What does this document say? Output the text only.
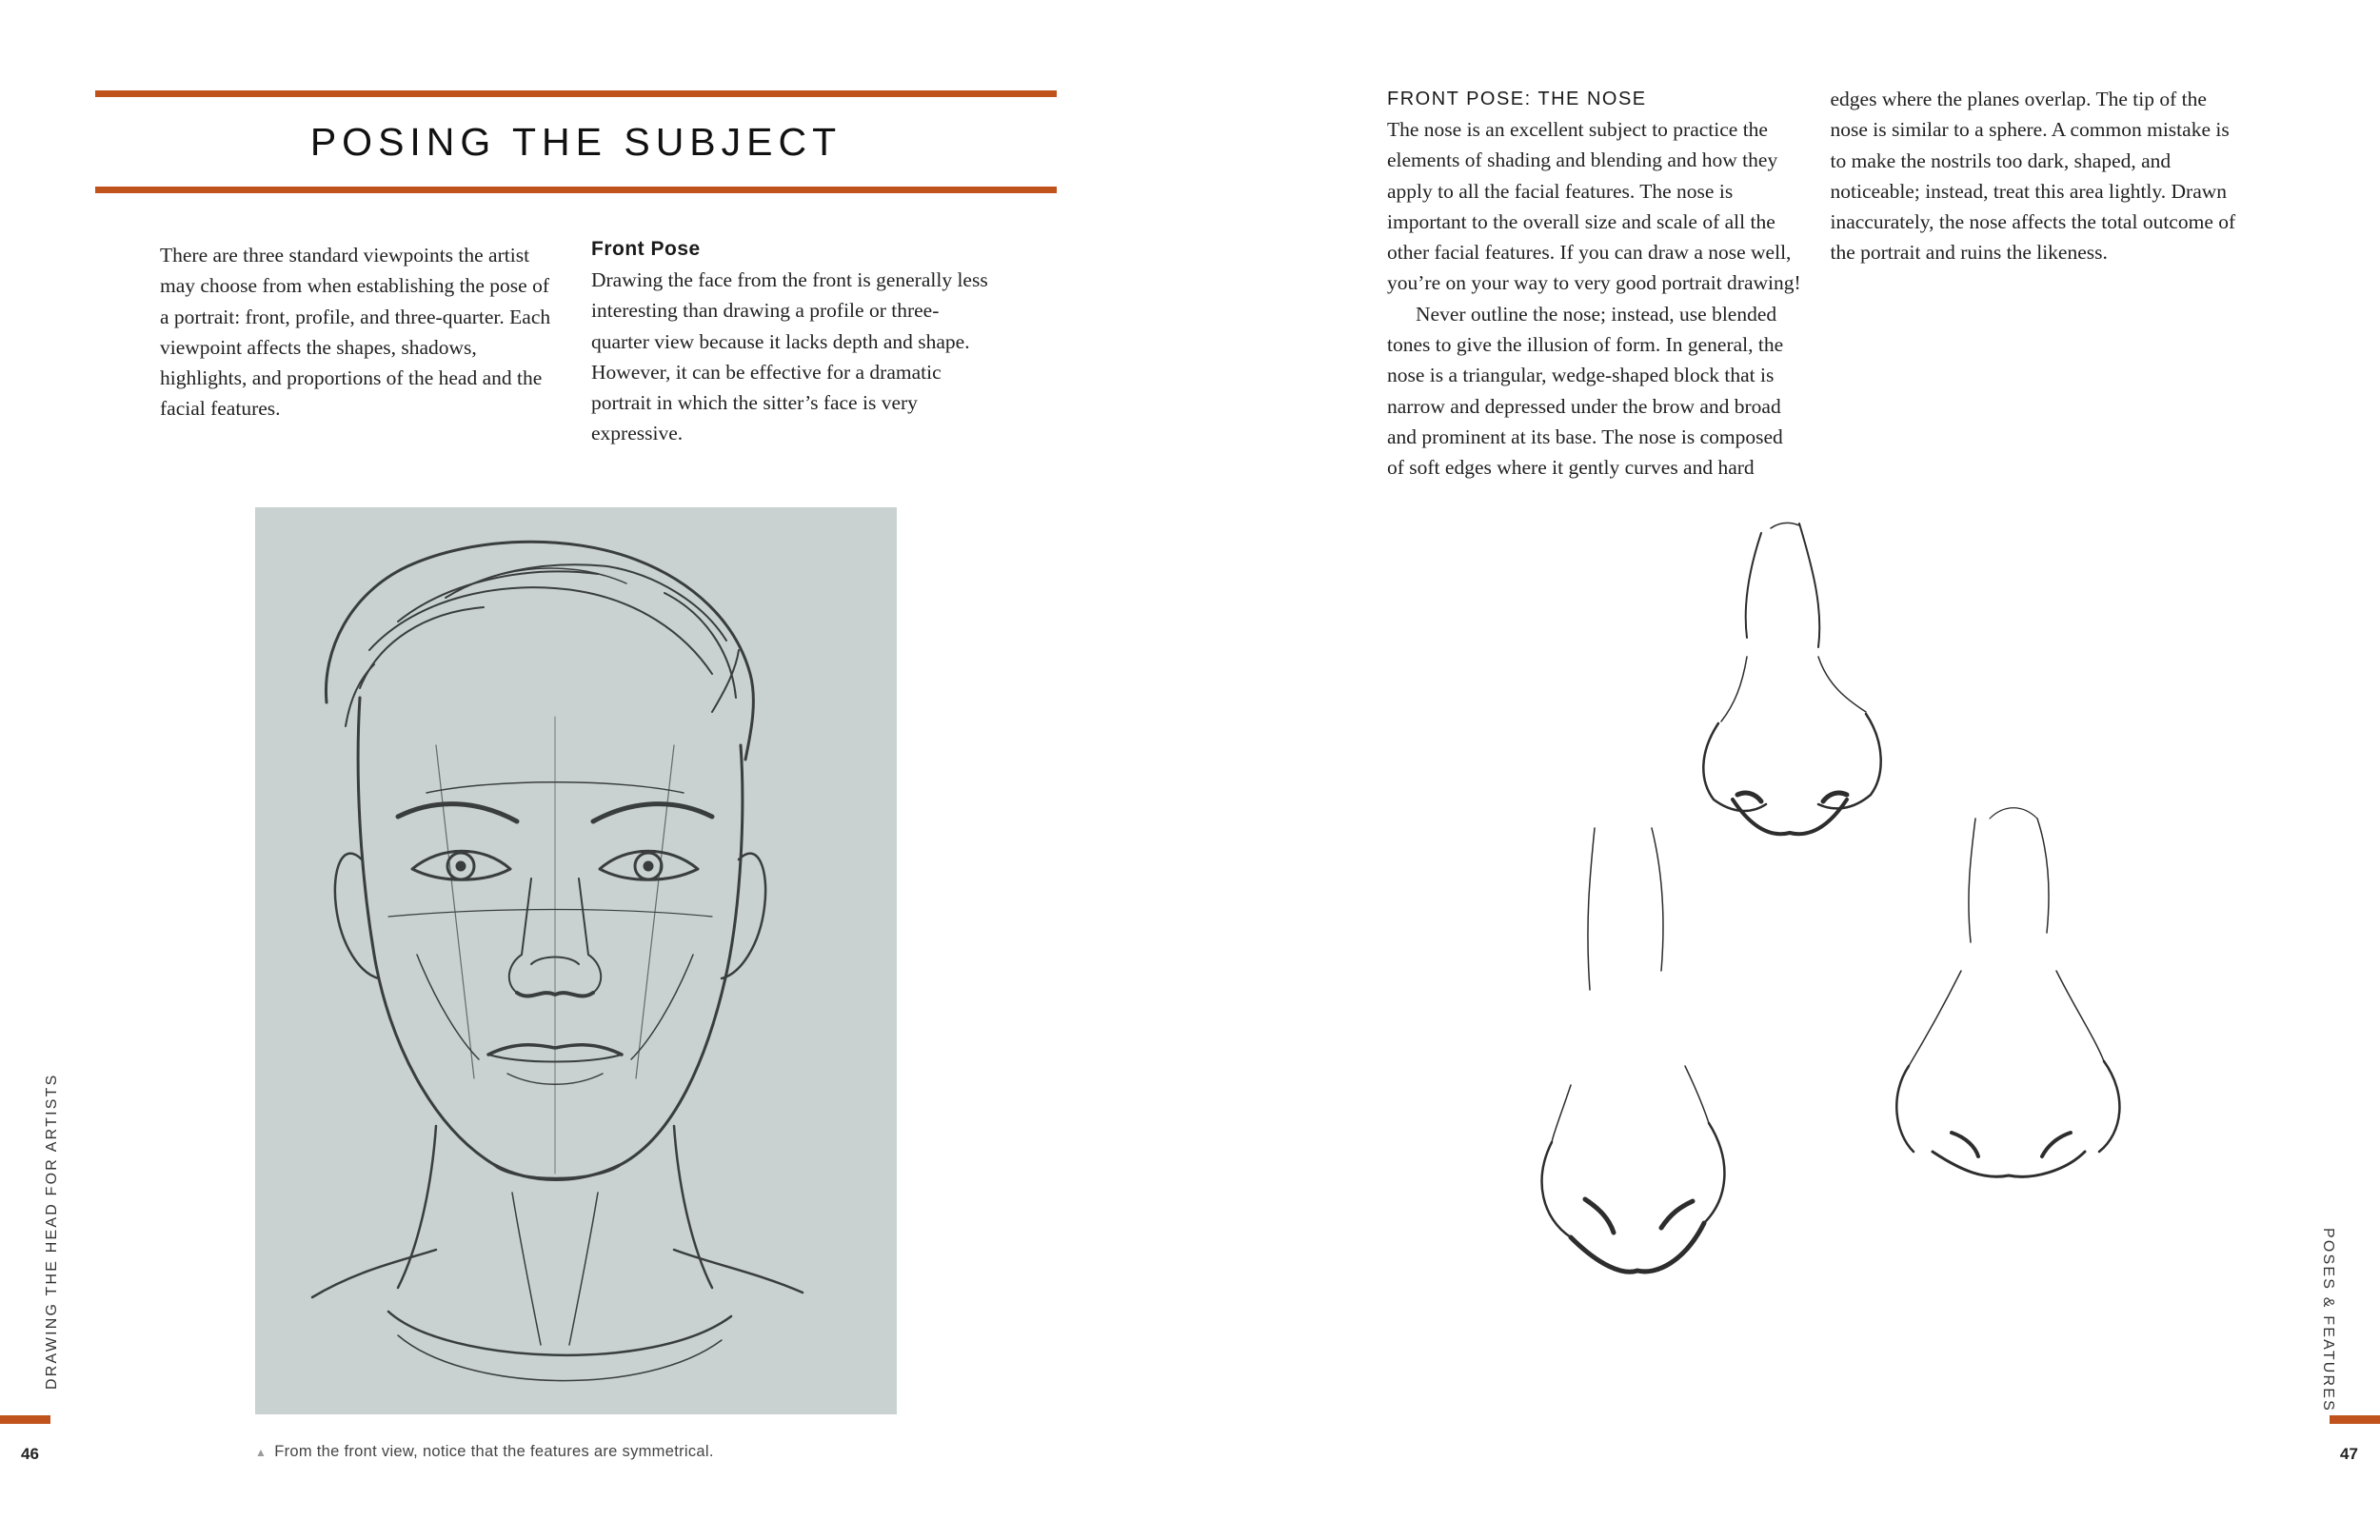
POSING THE SUBJECT

There are three standard viewpoints the artist may choose from when establishing the pose of a portrait: front, profile, and three-quarter. Each viewpoint affects the shapes, shadows, highlights, and proportions of the head and the facial features.

Front Pose

Drawing the face from the front is generally less interesting than drawing a profile or three-quarter view because it lacks depth and shape. However, it can be effective for a dramatic portrait in which the sitter’s face is very expressive.

▲ From the front view, notice that the features are symmetrical.
46
DRAWING THE HEAD FOR ARTISTS
FRONT POSE: THE NOSE

The nose is an excellent subject to practice the elements of shading and blending and how they apply to all the facial features. The nose is important to the overall size and scale of all the other facial features. If you can draw a nose well, you’re on your way to very good portrait drawing!

Never outline the nose; instead, use blended tones to give the illusion of form. In general, the nose is a triangular, wedge-shaped block that is narrow and depressed under the brow and broad and prominent at its base. The nose is composed of soft edges where it gently curves and hard edges where the planes overlap. The tip of the nose is similar to a sphere. A common mistake is to make the nostrils too dark, shaped, and noticeable; instead, treat this area lightly. Drawn inaccurately, the nose affects the total outcome of the portrait and ruins the likeness.

47
POSES & FEATURES
